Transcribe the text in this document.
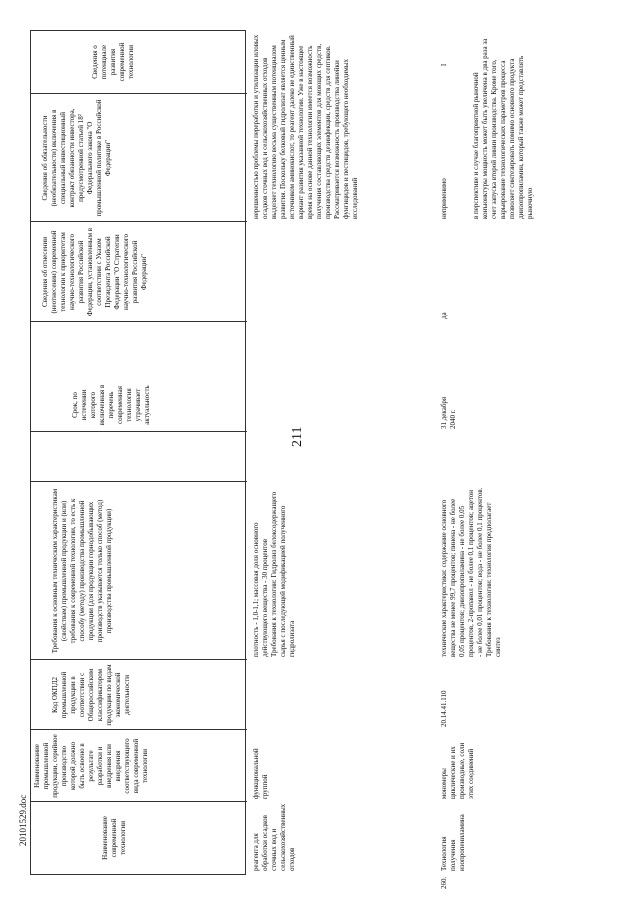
211
20101529.doc	Наименование современной технологии
Наименование промышленной продукции, серийное производство которой должно быть освоено в результате разработки и внедрения или внедрения соответствующего вида современной технологии
Код ОКПД2 промышленной продукции в соответствии с Общероссийским классификатором продукции по видам экономической деятельности
Требования к основным техническим характеристикам (свойствам) промышленной продукции и (или) требования к современной технологии, то есть к способу (методу) производства промышленной продукции (для продукции горнодобывающих производств указывается только способ (метод) производства промышленной продукции)
Срок, по истечении которого включенная в перечень современная технология утрачивает актуальность
Сведения об отнесении (неотнесении) современной технологии к приоритетам научно-технологического развития Российской Федерации, установленным в соответствии с Указом Президента Российской Федерации "О Стратегии научно-технологического развития Российской Федерации"
Сведения об обязательности (необязательности) включения в специальный инвестиционный контракт обязанности инвестора, предусмотренной статьей 18² Федерального закона "О промышленной политике в Российской Федерации"
Сведения о потенциале развития современной технологии
реагента для обработки осадков сточных вод и сельскохозяйственных отходов
функциональной группой
плотность - 1,0-1,1; массовая доля основного действующего вещества - 30 процентов
Требования к технологии: Гидролиз белоксодержащего сырья с последующей модификацией полученного гидролизата
нерешенностью проблемы переработки и утилизации иловых осадков сточных вод и сельскохозяйственных отходов выделяет технологию весьма существенным потенциалом развития. Поскольку белковый гидролизат является ценным источником аминокислот, то реагент далеко не единственный вариант развития указанной технологии. Уже в настоящее время на основе данной технологии имеется возможность получения составляющих элементов для моющих средств, производства средств дезинфекции, средств для септиков. Рассматривается возможность производства линейки фунгицидов и пестицидов, требующего необходимых исследований
260.
Технология получения изопропениламина
мономеры циклические и их производные, соли этих соединений
20.14.41.110
технические характеристики: содержание основного вещества не менее 99,7 процентов; пинена - не более 0,05 процентов; диизопропиламина - не более 0,05 процентов, 2-пропанол - не более 0,1 процентов; ацетон - не более 0,01 процентов; вода - не более 0,1 процентов.
Требования к технологии: технология предполагает синтез
31 декабря 2040 г.
да
неприменимо	в перспективе и случае благоприятной рыночной конъюнктуры мощность может быть увеличена в два раза за счет запуска второй линии производства. Кроме того, варьирование технологических параметров процесса позволяет синтезировать помимо основного продукта диизопропиламин, который также может представлять рыночную
I
